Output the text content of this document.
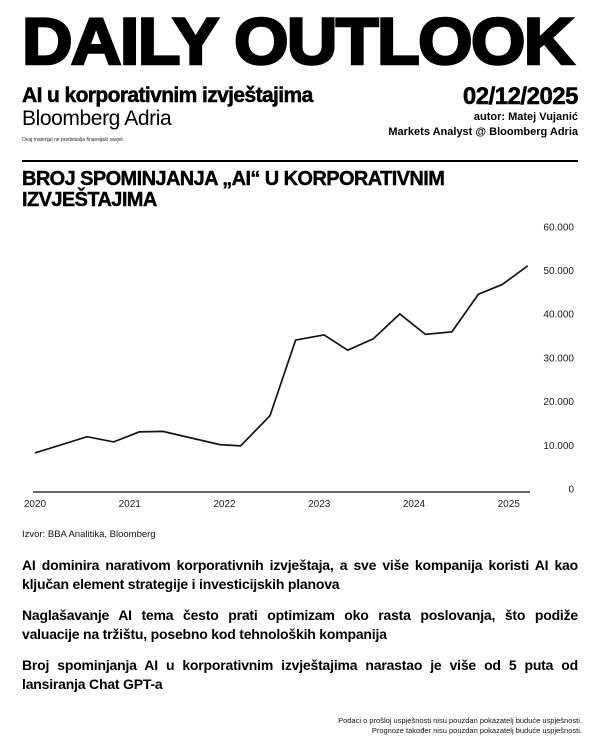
DAILY OUTLOOK
AI u korporativnim izvještajima
Bloomberg Adria
Ovaj materijal ne predstavlja finansijski savjet.
02/12/2025
autor: Matej Vujanić
Markets Analyst @ Bloomberg Adria
BROJ SPOMINJANJA „AI“ U KORPORATIVNIM
IZVJEŠTAJIMA
0
10.000
20.000
30.000
40.000
50.000
60.000
2020	2021	2022	2023	2024	2025
Izvor: BBA Analitika, Bloomberg

AI dominira narativom korporativnih izvještaja, a sve više kompanija koristi AI kao ključan element strategije i investicijskih planova

Naglašavanje AI tema često prati optimizam oko rasta poslovanja, što podiže valuacije na tržištu, posebno kod tehnoloških kompanija

Broj spominjanja AI u korporativnim izvještajima narastao je više od 5 puta od lansiranja Chat GPT-a

Podaci o prošloj uspješnosti nisu pouzdan pokazatelj buduće uspješnosti.
Prognoze također nisu pouzdan pokazatelj buduće uspješnosti.
